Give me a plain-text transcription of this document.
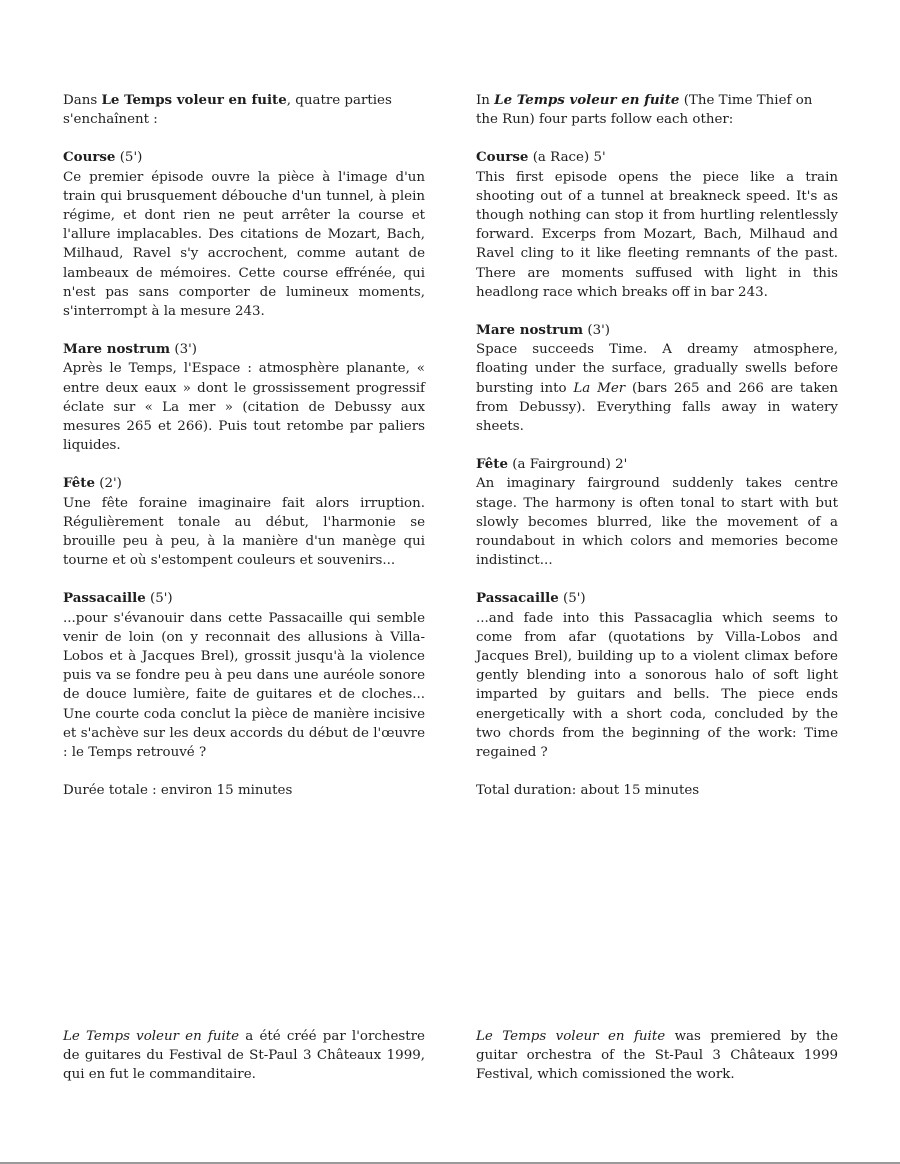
Dans Le Temps voleur en fuite, quatre parties s'enchaînent :

Course (5')

Ce premier épisode ouvre la pièce à l'image d'un train qui brusquement débouche d'un tunnel, à plein régime, et dont rien ne peut arrêter la course et l'allure implacables. Des citations de Mozart, Bach, Milhaud, Ravel s'y accrochent, comme autant de lambeaux de mémoires. Cette course effrénée, qui n'est pas sans comporter de lumineux moments, s'interrompt à la mesure 243.

Mare nostrum (3')

Après le Temps, l'Espace : atmosphère planante, « entre deux eaux » dont le grossissement progressif éclate sur « La mer » (citation de Debussy aux mesures 265 et 266). Puis tout retombe par paliers liquides.

Fête (2')

Une fête foraine imaginaire fait alors irruption. Régulièrement tonale au début, l'harmonie se brouille peu à peu, à la manière d'un manège qui tourne et où s'estompent couleurs et souvenirs...

Passacaille (5')

...pour s'évanouir dans cette Passacaille qui semble venir de loin (on y reconnait des allusions à Villa-Lobos et à Jacques Brel), grossit jusqu'à la violence puis va se fondre peu à peu dans une auréole sonore de douce lumière, faite de guitares et de cloches... Une courte coda conclut la pièce de manière incisive et s'achève sur les deux accords du début de l'œuvre : le Temps retrouvé ?

Durée totale : environ 15 minutes

In Le Temps voleur en fuite (The Time Thief on the Run) four parts follow each other:

Course (a Race) 5'

This first episode opens the piece like a train shooting out of a tunnel at breakneck speed. It's as though nothing can stop it from hurtling relentlessly forward. Excerps from Mozart, Bach, Milhaud and Ravel cling to it like fleeting remnants of the past. There are moments suffused with light in this headlong race which breaks off in bar 243.

Mare nostrum (3')

Space succeeds Time. A dreamy atmosphere, floating under the surface, gradually swells before bursting into La Mer (bars 265 and 266 are taken from Debussy). Everything falls away in watery sheets.

Fête (a Fairground) 2'

An imaginary fairground suddenly takes centre stage. The harmony is often tonal to start with but slowly becomes blurred, like the movement of a roundabout in which colors and memories become indistinct...

Passacaille (5')

...and fade into this Passacaglia which seems to come from afar (quotations by Villa-Lobos and Jacques Brel), building up to a violent climax before gently blending into a sonorous halo of soft light imparted by guitars and bells. The piece ends energetically with a short coda, concluded by the two chords from the beginning of the work: Time regained ?

Total duration: about 15 minutes

Le Temps voleur en fuite a été créé par l'orchestre de guitares du Festival de St-Paul 3 Châteaux 1999, qui en fut le commanditaire.

Le Temps voleur en fuite was premiered by the guitar orchestra of the St-Paul 3 Châteaux 1999 Festival, which comissioned the work.
